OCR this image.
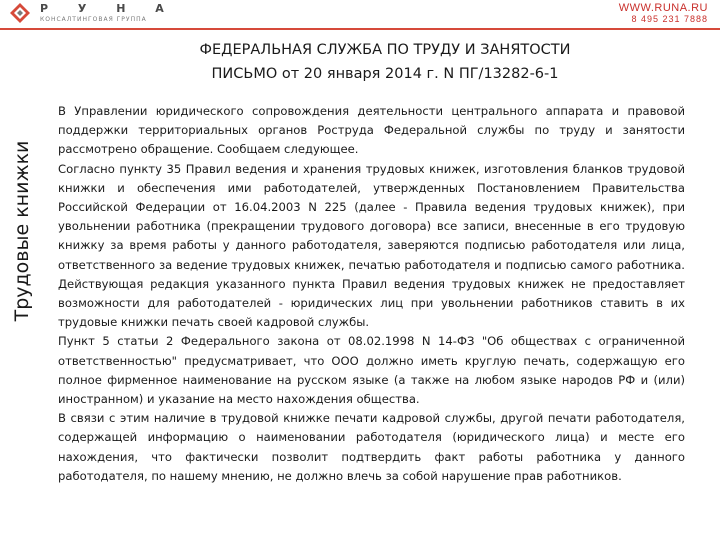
Р У Н А
КОНСАЛТИНГОВАЯ ГРУППА
WWW.RUNA.RU
8 495 231 7888
ФЕДЕРАЛЬНАЯ СЛУЖБА ПО ТРУДУ И ЗАНЯТОСТИ
ПИСЬМО от 20 января 2014 г. N ПГ/13282-6-1
Трудовые книжки

В Управлении юридического сопровождения деятельности центрального аппарата и правовой поддержки территориальных органов Роструда Федеральной службы по труду и занятости рассмотрено обращение. Сообщаем следующее.

Согласно пункту 35 Правил ведения и хранения трудовых книжек, изготовления бланков трудовой книжки и обеспечения ими работодателей, утвержденных Постановлением Правительства Российской Федерации от 16.04.2003 N 225 (далее - Правила ведения трудовых книжек), при увольнении работника (прекращении трудового договора) все записи, внесенные в его трудовую книжку за время работы у данного работодателя, заверяются подписью работодателя или лица, ответственного за ведение трудовых книжек, печатью работодателя и подписью самого работника. Действующая редакция указанного пункта Правил ведения трудовых книжек не предоставляет возможности для работодателей - юридических лиц при увольнении работников ставить в их трудовые книжки печать своей кадровой службы.

Пункт 5 статьи 2 Федерального закона от 08.02.1998 N 14-ФЗ "Об обществах с ограниченной ответственностью" предусматривает, что ООО должно иметь круглую печать, содержащую его полное фирменное наименование на русском языке (а также на любом языке народов РФ и (или) иностранном) и указание на место нахождения общества.

В связи с этим наличие в трудовой книжке печати кадровой службы, другой печати работодателя, содержащей информацию о наименовании работодателя (юридического лица) и месте его нахождения, что фактически позволит подтвердить факт работы работника у данного работодателя, по нашему мнению, не должно влечь за собой нарушение прав работников.
